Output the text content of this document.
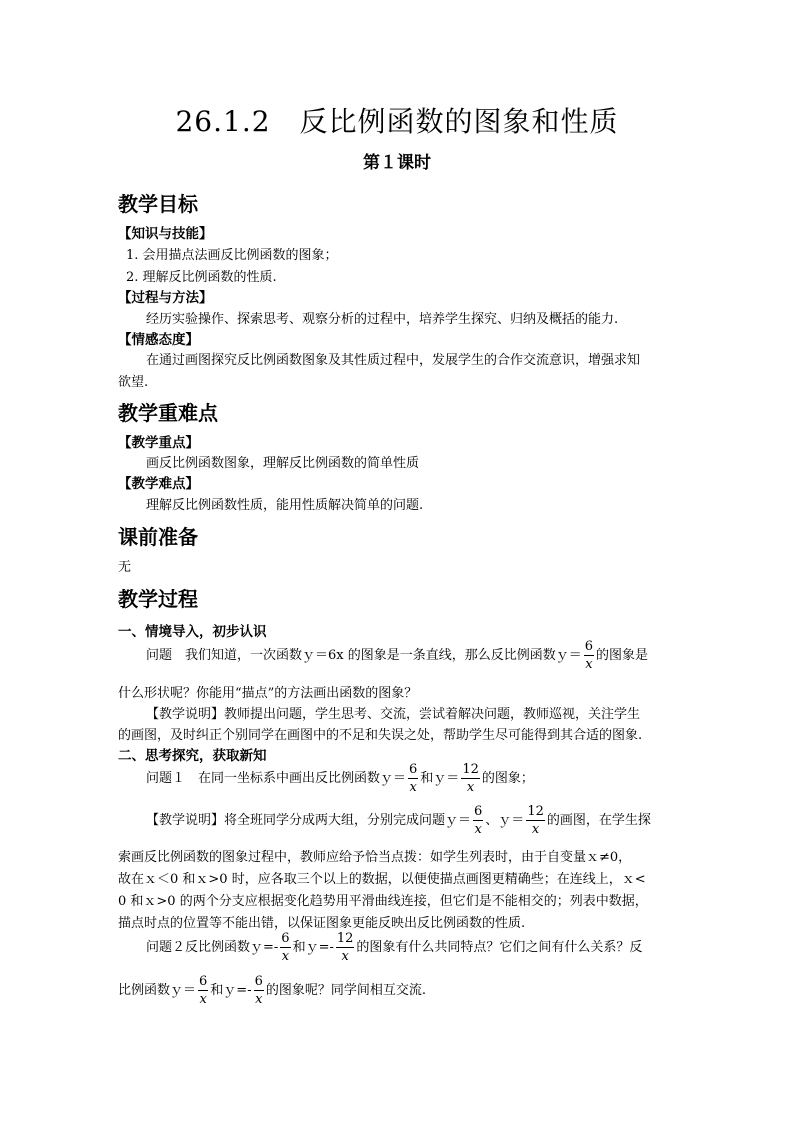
26.1.2　反比例函数的图象和性质
第１课时
教学目标
【知识与技能】
1. 会用描点法画反比例函数的图象；
2. 理解反比例函数的性质.
【过程与方法】
经历实验操作、探索思考、观察分析的过程中，培养学生探究、归纳及概括的能力.
【情感态度】
在通过画图探究反比例函数图象及其性质过程中，发展学生的合作交流意识，增强求知
欲望.
教学重难点
【教学重点】
画反比例函数图象，理解反比例函数的简单性质
【教学难点】
理解反比例函数性质，能用性质解决简单的问题.
课前准备
无
教学过程
一、情境导入，初步认识
问题　我们知道，一次函数ｙ＝6x 的图象是一条直线，那么反比例函数ｙ＝ $\frac{6}{x}$ 的图象是
什么形状呢？你能用“描点”的方法画出函数的图象？
【教学说明】教师提出问题，学生思考、交流，尝试着解决问题，教师巡视，关注学生
的画图，及时纠正个别同学在画图中的不足和失误之处，帮助学生尽可能得到其合适的图象.
二、思考探究，获取新知
问题１　在同一坐标系中画出反比例函数ｙ＝ $\frac{6}{x}$ 和ｙ＝ $\frac{12}{x}$ 的图象；
【教学说明】将全班同学分成两大组，分别完成问题ｙ＝ $\frac{6}{x}$ 、ｙ＝ $\frac{12}{x}$ 的画图，在学生探
索画反比例函数的图象过程中，教师应给予恰当点拨：如学生列表时，由于自变量ｘ≠0，
故在ｘ＜0 和ｘ>0 时，应各取三个以上的数据，以便使描点画图更精确些；在连线上，ｘ<
0 和ｘ>0 的两个分支应根据变化趋势用平滑曲线连接，但它们是不能相交的；列表中数据，
描点时点的位置等不能出错，以保证图象更能反映出反比例函数的性质.
问题２反比例函数ｙ=- $\frac{6}{x}$ 和ｙ=- $\frac{12}{x}$ 的图象有什么共同特点？它们之间有什么关系？反
比例函数ｙ＝ $\frac{6}{x}$ 和ｙ=- $\frac{6}{x}$ 的图象呢？同学间相互交流.
